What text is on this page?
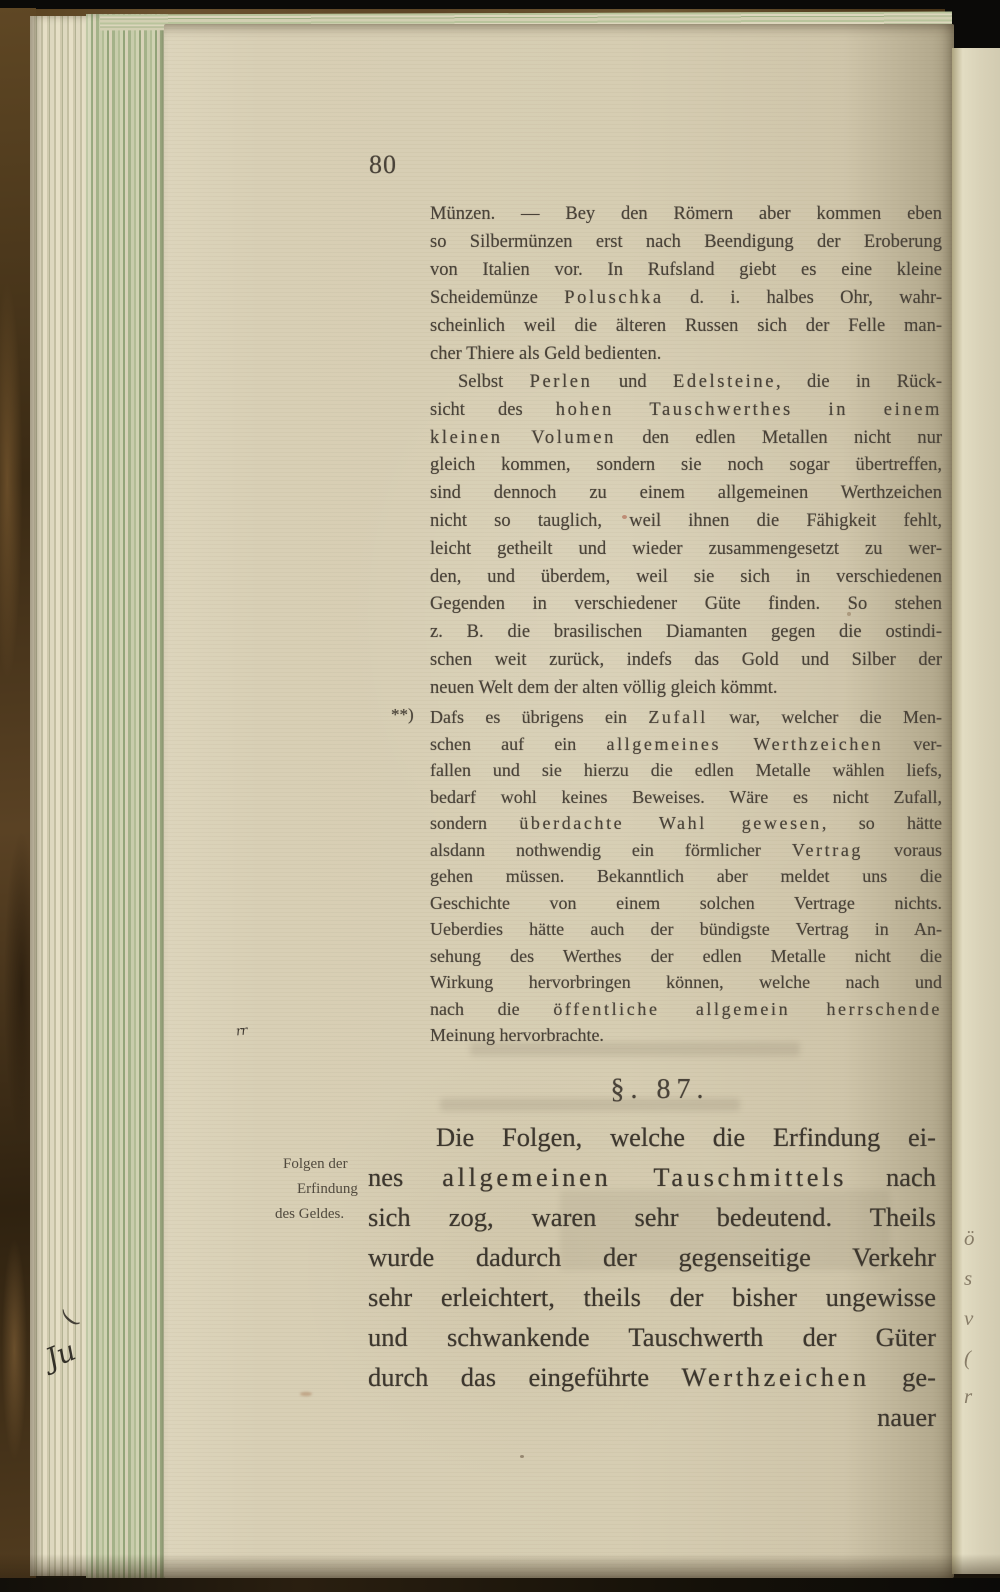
80
Münzen. — Bey den Römern aber kommen eben
so Silbermünzen erst nach Beendigung der Eroberung
von Italien vor. In Rufsland giebt es eine kleine
Scheidemünze Poluschka d. i. halbes Ohr, wahr-
scheinlich weil die älteren Russen sich der Felle man-
cher Thiere als Geld bedienten.
Selbst Perlen und Edelsteine, die in Rück-
sicht des hohen Tauschwerthes in einem
kleinen Volumen den edlen Metallen nicht nur
gleich kommen, sondern sie noch sogar übertreffen,
sind dennoch zu einem allgemeinen Werthzeichen
nicht so tauglich, weil ihnen die Fähigkeit fehlt,
leicht getheilt und wieder zusammengesetzt zu wer-
den, und überdem, weil sie sich in verschiedenen
Gegenden in verschiedener Güte finden. So stehen
z. B. die brasilischen Diamanten gegen die ostindi-
schen weit zurück, indefs das Gold und Silber der
neuen Welt dem der alten völlig gleich kömmt.
**) Dafs es übrigens ein Zufall war, welcher die Men-
schen auf ein allgemeines Werthzeichen ver-
fallen und sie hierzu die edlen Metalle wählen liefs,
bedarf wohl keines Beweises. Wäre es nicht Zufall,
sondern überdachte Wahl gewesen, so hätte
alsdann nothwendig ein förmlicher Vertrag voraus
gehen müssen. Bekanntlich aber meldet uns die
Geschichte von einem solchen Vertrage nichts.
Ueberdies hätte auch der bündigste Vertrag in An-
sehung des Werthes der edlen Metalle nicht die
Wirkung hervorbringen können, welche nach und
nach die öffentliche allgemein herrschende
Meinung hervorbrachte.
§. 87.
Folgen der
Erfindung
des Geldes.
Die Folgen, welche die Erfindung ei-
nes allgemeinen Tauschmittels nach
sich zog, waren sehr bedeutend. Theils
wurde dadurch der gegenseitige Verkehr
sehr erleichtert, theils der bisher ungewisse
und schwankende Tauschwerth der Güter
durch das eingeführte Werthzeichen ge-
nauer
)
Ju
rr
ö
s
v
(
r
